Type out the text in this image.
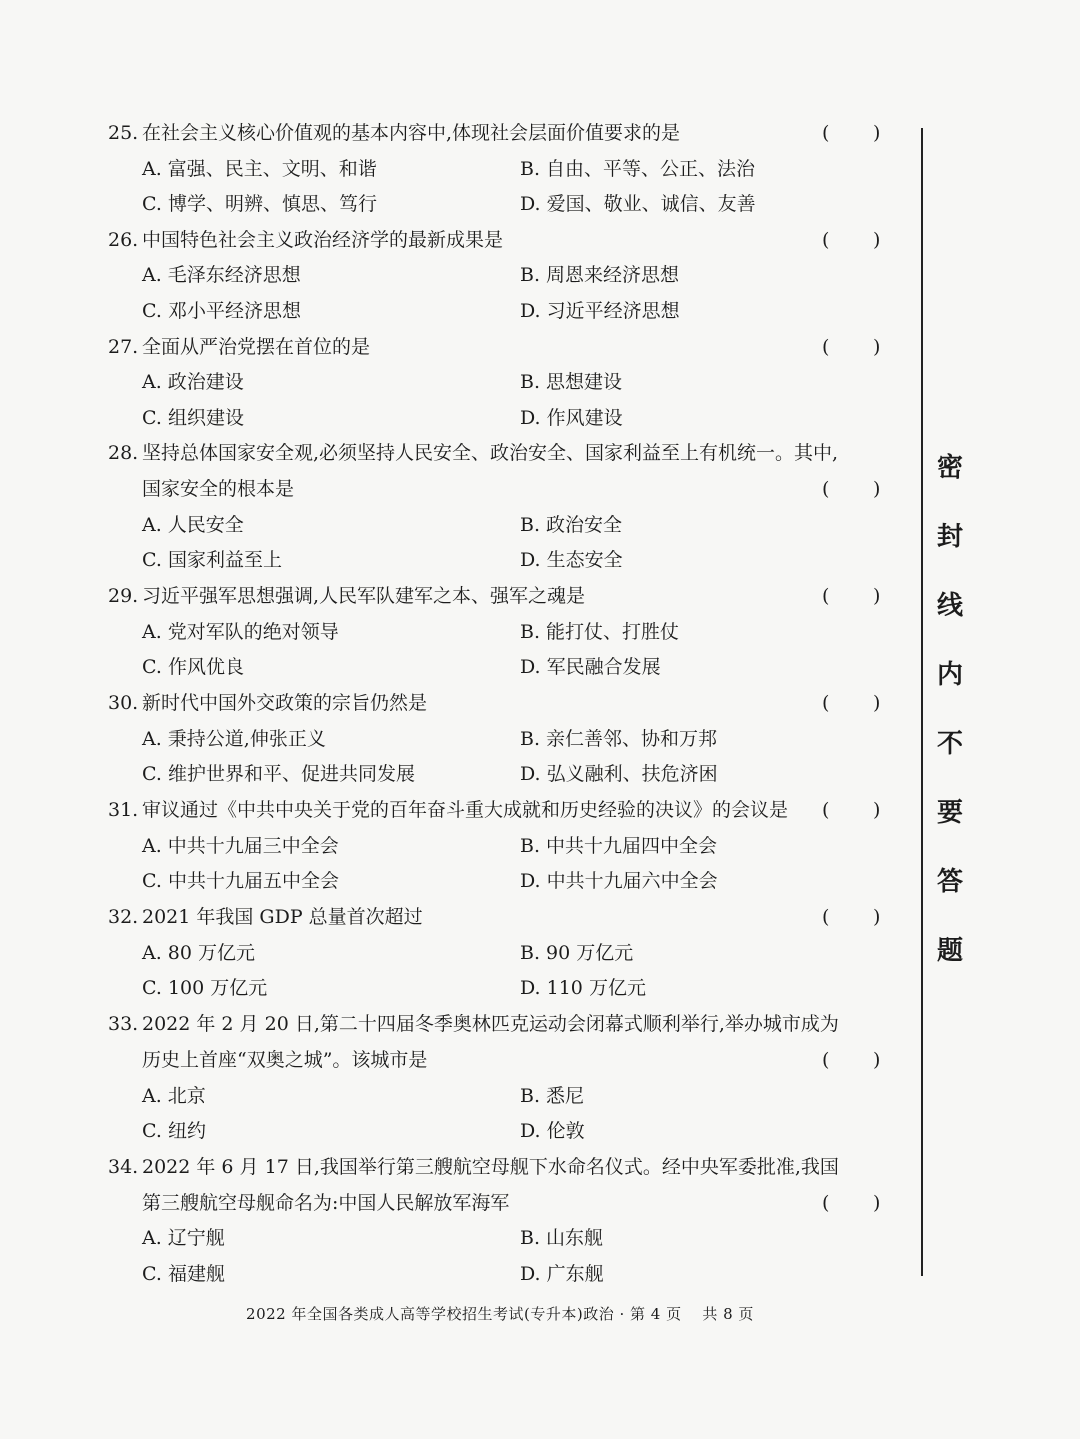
25. 在社会主义核心价值观的基本内容中,体现社会层面价值要求的是	( )
A. 富强、民主、文明、和谐	B. 自由、平等、公正、法治
C. 博学、明辨、慎思、笃行	D. 爱国、敬业、诚信、友善
26. 中国特色社会主义政治经济学的最新成果是	( )
A. 毛泽东经济思想	B. 周恩来经济思想
C. 邓小平经济思想	D. 习近平经济思想
27. 全面从严治党摆在首位的是	( )
A. 政治建设	B. 思想建设
C. 组织建设	D. 作风建设
28. 坚持总体国家安全观,必须坚持人民安全、政治安全、国家利益至上有机统一。其中,
国家安全的根本是	( )
A. 人民安全	B. 政治安全
C. 国家利益至上	D. 生态安全
29. 习近平强军思想强调,人民军队建军之本、强军之魂是	( )
A. 党对军队的绝对领导	B. 能打仗、打胜仗
C. 作风优良	D. 军民融合发展
30. 新时代中国外交政策的宗旨仍然是	( )
A. 秉持公道,伸张正义	B. 亲仁善邻、协和万邦
C. 维护世界和平、促进共同发展	D. 弘义融利、扶危济困
31. 审议通过《中共中央关于党的百年奋斗重大成就和历史经验的决议》的会议是 ( )
A. 中共十九届三中全会	B. 中共十九届四中全会
C. 中共十九届五中全会	D. 中共十九届六中全会
32. 2021 年我国 GDP 总量首次超过	( )
A. 80 万亿元	B. 90 万亿元
C. 100 万亿元	D. 110 万亿元
33. 2022 年 2 月 20 日,第二十四届冬季奥林匹克运动会闭幕式顺利举行,举办城市成为
历史上首座“双奥之城”。该城市是	( )
A. 北京	B. 悉尼
C. 纽约	D. 伦敦
34. 2022 年 6 月 17 日,我国举行第三艘航空母舰下水命名仪式。经中央军委批准,我国
第三艘航空母舰命名为:中国人民解放军海军	( )
A. 辽宁舰	B. 山东舰
C. 福建舰	D. 广东舰
密
封
线
内
不
要
答
题
2022 年全国各类成人高等学校招生考试(专升本)政治 · 第 4 页　 共 8 页
